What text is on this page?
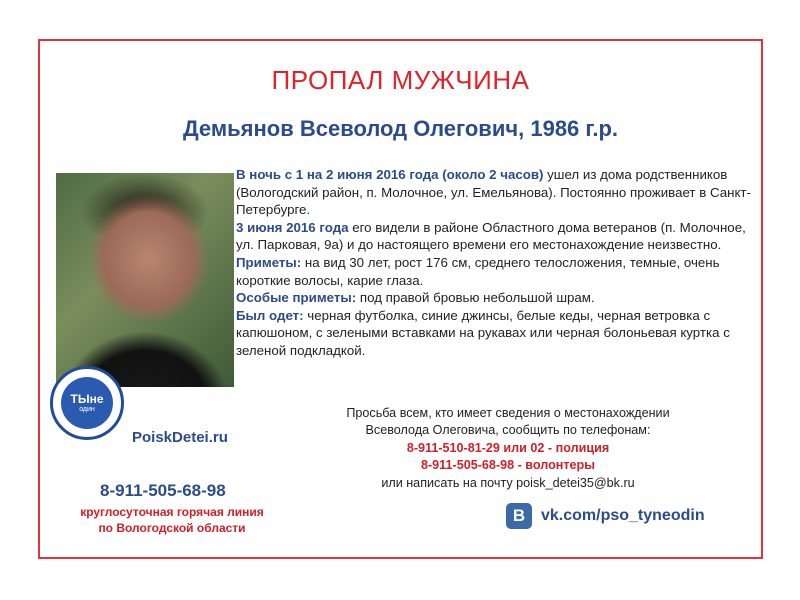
ПРОПАЛ МУЖЧИНА
Демьянов Всеволод Олегович, 1986 г.р.
ТЫне
один
PoiskDetei.ru
8-911-505-68-98
круглосуточная горячая линия
по Вологодской области

В ночь с 1 на 2 июня 2016 года (около 2 часов) ушел из дома родственников (Вологодский район, п. Молочное, ул. Емельянова). Постоянно проживает в Санкт-Петербурге.

3 июня 2016 года его видели в районе Областного дома ветеранов (п. Молочное, ул. Парковая, 9а) и до настоящего времени его местонахождение неизвестно.

Приметы: на вид 30 лет, рост 176 см, среднего телосложения, темные, очень короткие волосы, карие глаза.

Особые приметы: под правой бровью небольшой шрам.

Был одет: черная футболка, синие джинсы, белые кеды, черная ветровка с капюшоном, с зелеными вставками на рукавах или черная болоньевая куртка с зеленой подкладкой.

Просьба всем, кто имеет сведения о местонахождении
Всеволода Олеговича, сообщить по телефонам:
8-911-510-81-29 или 02 - полиция
8-911-505-68-98 - волонтеры
или написать на почту poisk_detei35@bk.ru
B vk.com/pso_tyneodin
